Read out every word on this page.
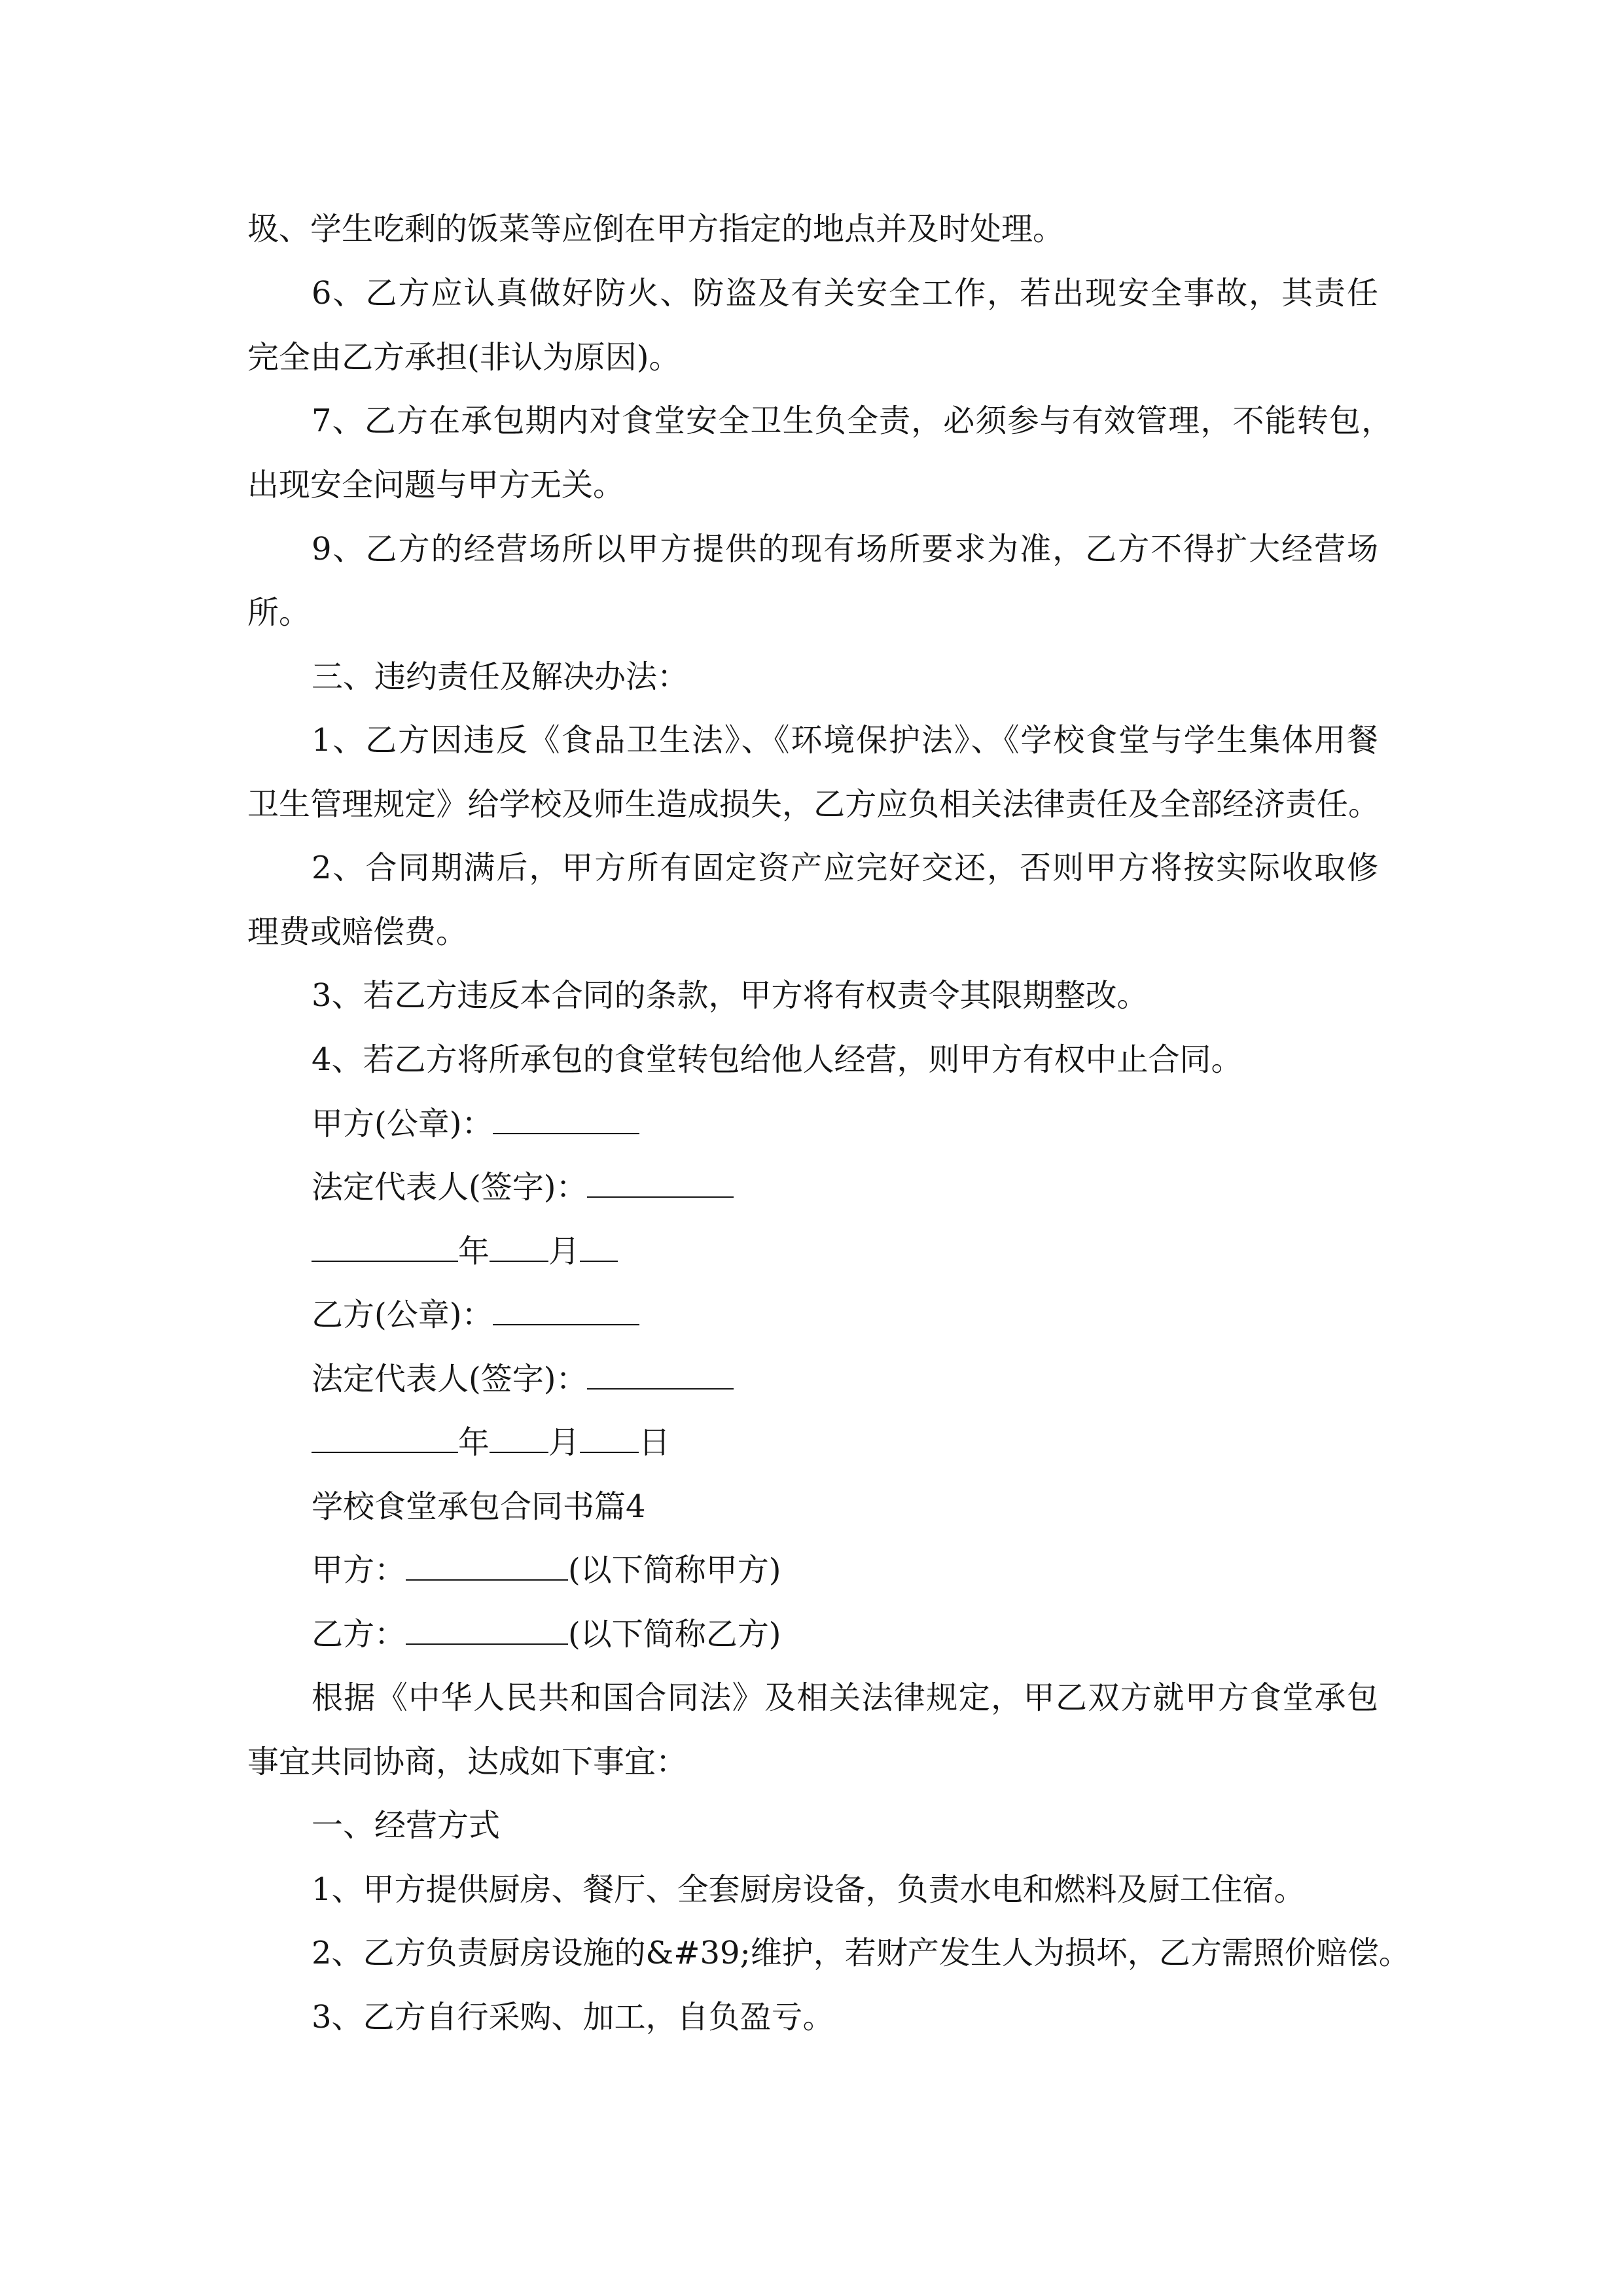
圾、学生吃剩的饭菜等应倒在甲方指定的地点并及时处理。
6、乙方应认真做好防火、防盗及有关安全工作，若出现安全事故，其责任
完全由乙方承担(非认为原因)。
7、乙方在承包期内对食堂安全卫生负全责，必须参与有效管理，不能转包，
出现安全问题与甲方无关。
9、乙方的经营场所以甲方提供的现有场所要求为准，乙方不得扩大经营场
所。
三、违约责任及解决办法：
1、乙方因违反《食品卫生法》、《环境保护法》、《学校食堂与学生集体用餐
卫生管理规定》给学校及师生造成损失，乙方应负相关法律责任及全部经济责任。
2、合同期满后，甲方所有固定资产应完好交还，否则甲方将按实际收取修
理费或赔偿费。
3、若乙方违反本合同的条款，甲方将有权责令其限期整改。
4、若乙方将所承包的食堂转包给他人经营，则甲方有权中止合同。
甲方(公章)：
法定代表人(签字)：
年 月
乙方(公章)：
法定代表人(签字)：
年 月 日
学校食堂承包合同书篇4
甲方：	(以下简称甲方)
乙方：	(以下简称乙方)
根据《中华人民共和国合同法》及相关法律规定，甲乙双方就甲方食堂承包
事宜共同协商，达成如下事宜：
一、经营方式
1、甲方提供厨房、餐厅、全套厨房设备，负责水电和燃料及厨工住宿。
2、乙方负责厨房设施的&#39;维护，若财产发生人为损坏，乙方需照价赔偿。
3、乙方自行采购、加工，自负盈亏。
